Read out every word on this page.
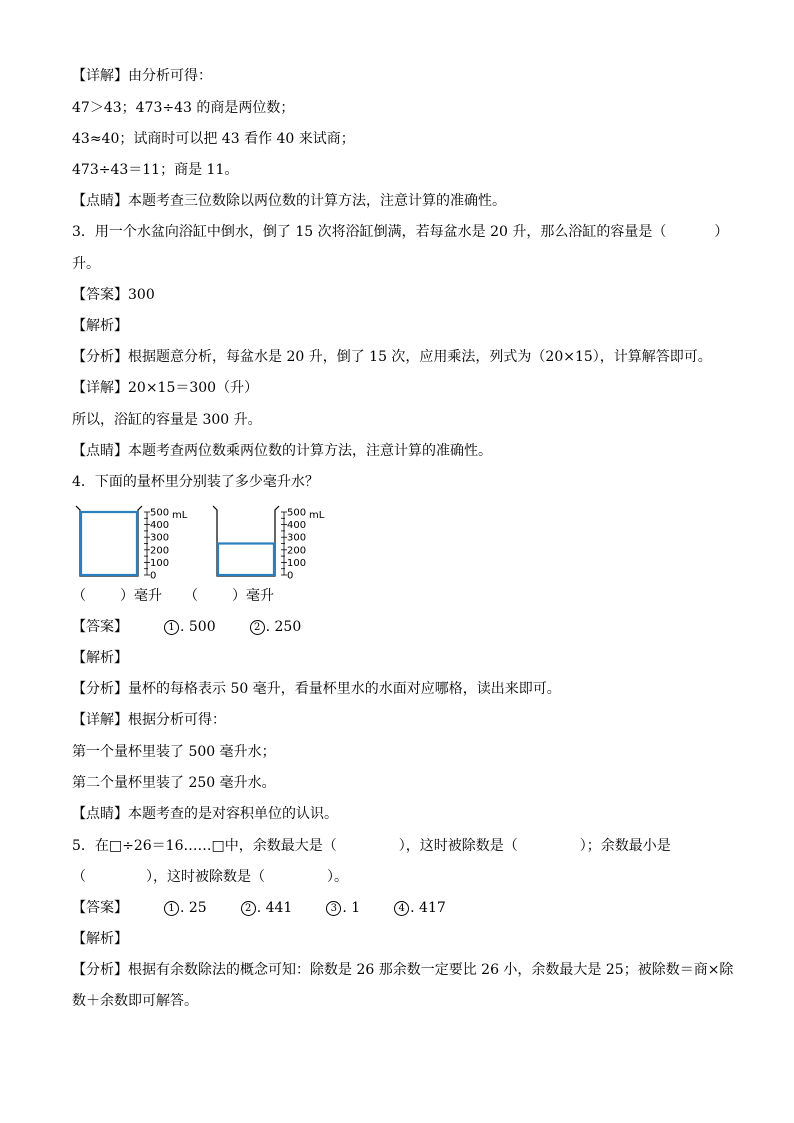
【详解】由分析可得：
47＞43；473÷43 的商是两位数；
43≈40；试商时可以把 43 看作 40 来试商；
473÷43＝11；商是 11。
【点睛】本题考查三位数除以两位数的计算方法，注意计算的准确性。
3．用一个水盆向浴缸中倒水，倒了 15 次将浴缸倒满，若每盆水是 20 升，那么浴缸的容量是（	）
升。
【答案】300
【解析】
【分析】根据题意分析，每盆水是 20 升，倒了 15 次，应用乘法，列式为（20×15），计算解答即可。
【详解】20×15＝300（升）
所以，浴缸的容量是 300 升。
【点睛】本题考查两位数乘两位数的计算方法，注意计算的准确性。
4．下面的量杯里分别装了多少毫升水？
500
400
300
200
100
0
mL	500
400
300
200
100
0
mL
（ ）毫升 （ ）毫升
【答案】	1 . 500	2 . 250
【解析】
【分析】量杯的每格表示 50 毫升，看量杯里水的水面对应哪格，读出来即可。
【详解】根据分析可得：
第一个量杯里装了 500 毫升水；
第二个量杯里装了 250 毫升水。
【点睛】本题考查的是对容积单位的认识。
5．在□÷26＝16……□中，余数最大是（	），这时被除数是（	）；余数最小是
（	），这时被除数是（	）。
【答案】	1 . 25	2 . 441	3 . 1	4 . 417
【解析】
【分析】根据有余数除法的概念可知：除数是 26 那余数一定要比 26 小，余数最大是 25；被除数＝商×除
数＋余数即可解答。
